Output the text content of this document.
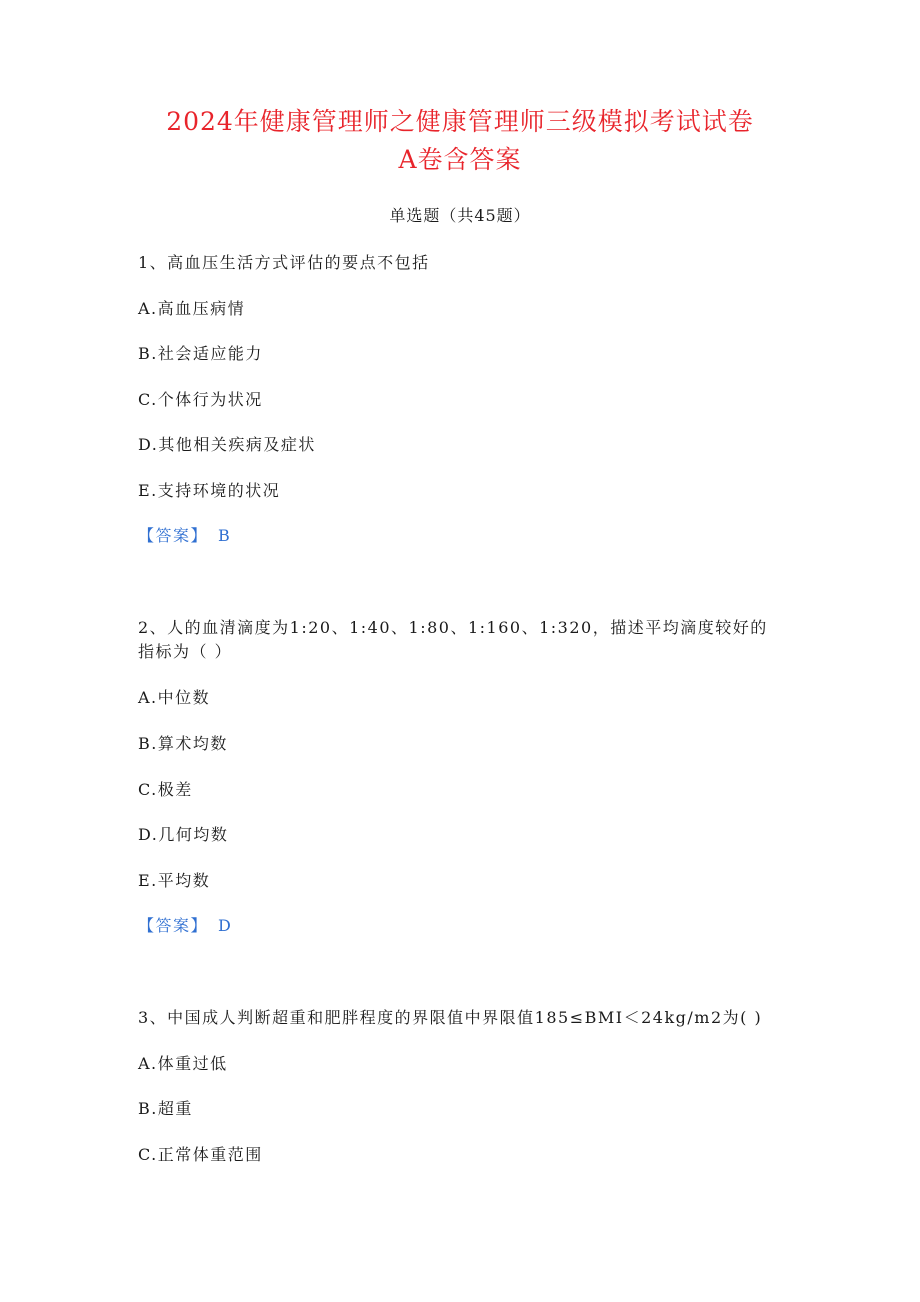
2024年健康管理师之健康管理师三级模拟考试试卷
A卷含答案
单选题（共45题）
1、高血压生活方式评估的要点不包括
A.高血压病情
B.社会适应能力
C.个体行为状况
D.其他相关疾病及症状
E.支持环境的状况
【答案】 B
2、人的血清滴度为1:20、1:40、1:80、1:160、1:320，描述平均滴度较好的
指标为（ ）
A.中位数
B.算术均数
C.极差
D.几何均数
E.平均数
【答案】 D
3、中国成人判断超重和肥胖程度的界限值中界限值185≤BMI＜24kg/m2为( )
A.体重过低
B.超重
C.正常体重范围
